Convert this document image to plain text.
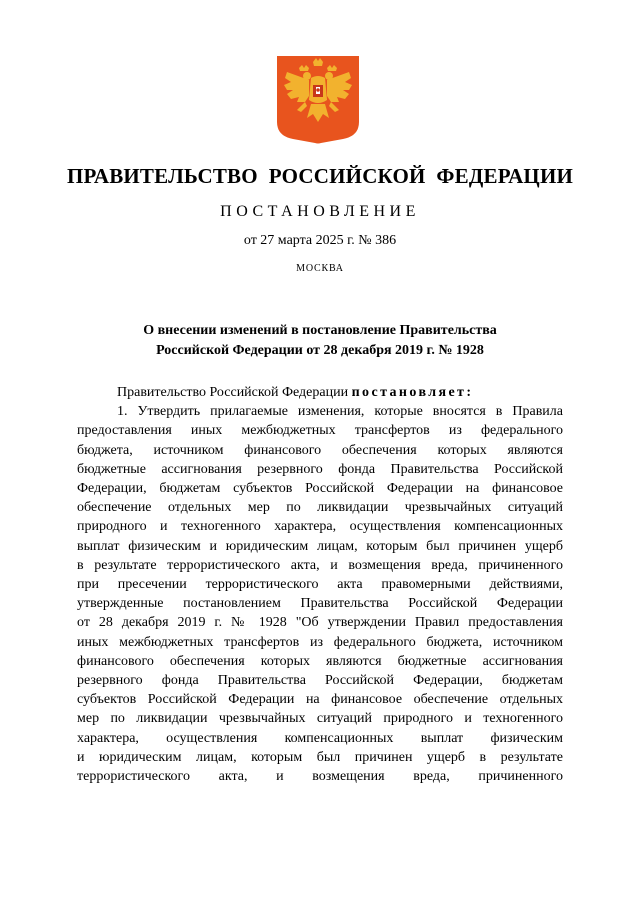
ПРАВИТЕЛЬСТВО  РОССИЙСКОЙ  ФЕДЕРАЦИИ
ПОСТАНОВЛЕНИЕ
от 27 марта 2025 г. № 386
МОСКВА
О внесении изменений в постановление Правительства
Российской Федерации от 28 декабря 2019 г. № 1928
Правительство Российской Федерации постановляет:
1. Утвердить прилагаемые изменения, которые вносятся в Правила
предоставления иных межбюджетных трансфертов из федерального
бюджета, источником финансового обеспечения которых являются
бюджетные ассигнования резервного фонда Правительства Российской
Федерации, бюджетам субъектов Российской Федерации на финансовое
обеспечение отдельных мер по ликвидации чрезвычайных ситуаций
природного и техногенного характера, осуществления компенсационных
выплат физическим и юридическим лицам, которым был причинен ущерб
в результате террористического акта, и возмещения вреда, причиненного
при пресечении террористического акта правомерными действиями,
утвержденные постановлением Правительства Российской Федерации
от 28 декабря 2019 г. № 1928 "Об утверждении Правил предоставления
иных межбюджетных трансфертов из федерального бюджета, источником
финансового обеспечения которых являются бюджетные ассигнования
резервного фонда Правительства Российской Федерации, бюджетам
субъектов Российской Федерации на финансовое обеспечение отдельных
мер по ликвидации чрезвычайных ситуаций природного и техногенного
характера, осуществления компенсационных выплат физическим
и юридическим лицам, которым был причинен ущерб в результате
террористического акта, и возмещения вреда, причиненного
